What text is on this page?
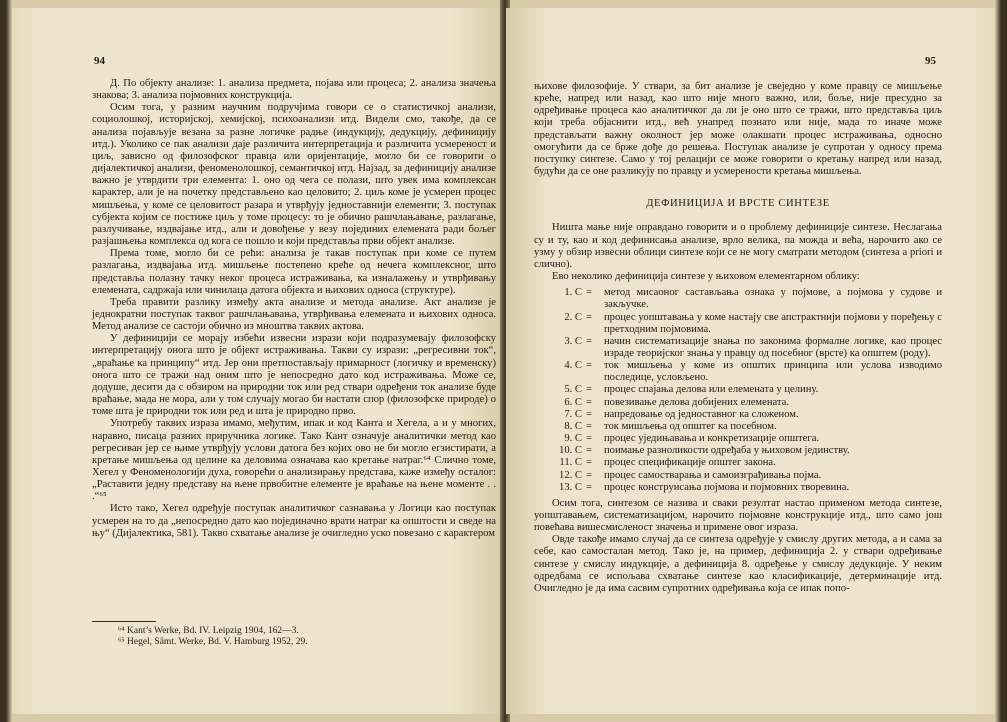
94

Д. По објекту анализе: 1. анализа предмета, појава или процеса; 2. анализа значења знакова; 3. анализа појмовних конструкција.

Осим тога, у разним научним подручјима говори се о статистичкој анализи, социолошкој, историјској, хемијској, психоанализи итд. Видели смо, такође, да се анализа појављује везана за разне логичке радње (индукцију, дедукцију, дефиницију итд.). Уколико се пак анализи даје различита интерпретација и различита усмереност и циљ, зависно од филозофског правца или оријентације, могло би се говорити о дијалектичкој анализи, феноменолошкој, семантичкој итд. Најзад, за дефиницију анализе важно је утврдити три елемента: 1. оно од чега се полази, што увек има комплексан карактер, али је на почетку представљено као целовито; 2. циљ коме је усмерен процес мишљења, у коме се целовитост разара и утврђују једноставнији елементи; 3. поступак субјекта којим се постиже циљ у томе процесу: то је обично рашчлањавање, разлагање, разлучивање, издвајање итд., али и довођење у везу појединих елемената ради бољег разјашњења комплекса од кога се пошло и који представља први објект анализе.

Према томе, могло би се рећи: анализа је такав поступак при коме се путем разлагања, издвајања итд. мишљење постепено креће од нечега комплексног, што представља полазну тачку неког процеса истраживања, ка изналажењу и утврђивању елемената, садржаја или чинилаца датога објекта и њихових односа (структуре).

Треба правити разлику између акта анализе и метода анализе. Акт анализе је једнократни поступак таквог рашчлањавања, утврђивања елемената и њихових односа. Метод анализе се састоји обично из мноштва таквих актова.

У дефиницији се морају избећи извесни изрази који подразумевају филозофску интерпретацију онога што је објект истраживања. Такви су изрази: „регресивни ток“, „враћање ка принципу“ итд. Јер они претпостављају примарност (логичку и временску) онога што се тражи над оним што је непосредно дато код истраживања. Може се, додуше, десити да с обзиром на природни ток или ред ствари одређени ток анализе буде враћање, мада не мора, али у том случају могао би настати спор (филозофске природе) о томе шта је природни ток или ред и шта је природно прво.

Употребу таквих израза имамо, међутим, ипак и код Канта и Хегела, а и у многих, наравно, писаца разних приручника логике. Тако Кант означује аналитички метод као регресиван јер се њиме утврђују услови датога без којих ово не би могло егзистирати, а кретање мишљења од целине ка деловима означава као кретање натраг.⁶⁴ Слично томе, Хегел у Феноменологији духа, говорећи о анализирању представа, каже између осталог: „Раставити једну представу на њене првобитне елементе је враћање на њене моменте . . .“⁶⁵

Исто тако, Хегел одређује поступак аналитичког сазнавања у Логици као поступак усмерен на то да „непосредно дато као појединачно врати натраг ка општости и сведе на њу“ (Дијалектика, 581). Такво схватање анализе је очигледно уско повезано с карактером

⁶⁴ Kant’s Werke, Bd. IV. Leipzig 1904, 162—3.
⁶⁵ Hegel, Sämt. Werke, Bd. V. Hamburg 1952, 29.
95

њихове филозофије. У ствари, за бит анализе је свеједно у коме правцу се мишљење креће, напред или назад, као што није много важно, или, боље, није пресудно за одређивање процеса као аналитичког да ли је оно што се тражи, што представља циљ који треба објаснити итд., већ унапред познато или није, мада то иначе може представљати важну околност јер може олакшати процес истраживања, односно омогућити да се брже дође до решења. Поступак анализе је супротан у односу према поступку синтезе. Само у тој релацији се може говорити о кретању напред или назад, будући да се оне разликују по правцу и усмерености кретања мишљења.

ДЕФИНИЦИЈА И ВРСТЕ СИНТЕЗЕ

Ништа мање није оправдано говорити и о проблему дефиниције синтезе. Неслагања су и ту, као и код дефинисања анализе, врло велика, па можда и већа, нарочито ако се узму у обзир извесни облици синтезе који се не могу сматрати методом (синтеза a priori и слично).

Ево неколико дефиниција синтезе у њиховом елементарном облику:

1. С =	метод мисаоног састављања ознака у појмове, а појмова у судове и закључке.
2. С =	процес уопштавања у коме настају све апстрактнији појмови у поређењу с претходним појмовима.
3. С =	начин систематизације знања по законима формалне логике, као процес израде теоријског знања у правцу од посебног (врсте) ка општем (роду).
4. С =	ток мишљења у коме из општих принципа или услова изводимо последице, условљено.
5. С =	процес спајања делова или елемената у целину.
6. С =	повезивање делова добијених елемената.
7. С =	напредовање од једноставног ка сложеном.
8. С =	ток мишљења од општег ка посебном.
9. С =	процес уједињавања и конкретизације општега.
10. С =	поимање разноликости одређаба у њиховом јединству.
11. С =	процес спецификације општег закона.
12. С =	процес самостварања и самоизграђивања појма.
13. С =	процес конструисања појмова и појмовних творевина.

Осим тога, синтезом се назива и сваки резултат настао применом метода синтезе, уопштавањем, систематизацијом, нарочито појмовне конструкције итд., што само још повећава вишесмисленост значења и примене овог израза.

Овде такође имамо случај да се синтеза одређује у смислу других метода, а и сама за себе, као самосталан метод. Тако је, на пример, дефиниција 2. у ствари одређивање синтезе у смислу индукције, а дефиниција 8. одређење у смислу дедукције. У неким одредбама се испољава схватање синтезе као класификације, детерминације итд. Очигледно је да има сасвим супротних одређивања која се ипак попо-
